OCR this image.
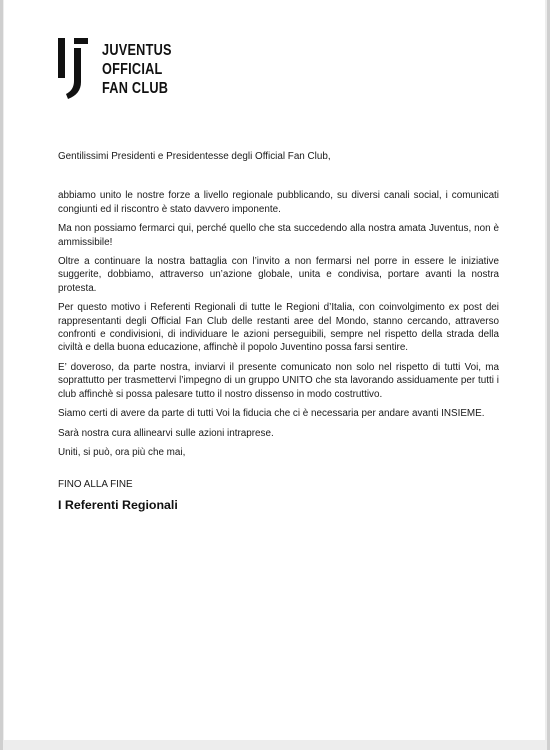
JUVENTUS
OFFICIAL
FAN CLUB

Gentilissimi Presidenti e Presidentesse degli Official Fan Club,

abbiamo unito le nostre forze a livello regionale pubblicando, su diversi canali social, i comunicati congiunti ed il riscontro è stato davvero imponente.

Ma non possiamo fermarci qui, perché quello che sta succedendo alla nostra amata Juventus, non è ammissibile!

Oltre a continuare la nostra battaglia con l’invito a non fermarsi nel porre in essere le iniziative suggerite, dobbiamo, attraverso un’azione globale, unita e condivisa, portare avanti la nostra protesta.

Per questo motivo i Referenti Regionali di tutte le Regioni d’Italia, con coinvolgimento ex post dei rappresentanti degli Official Fan Club delle restanti aree del Mondo, stanno cercando, attraverso confronti e condivisioni, di individuare le azioni perseguibili, sempre nel rispetto della strada della civiltà e della buona educazione, affinchè il popolo Juventino possa farsi sentire.

E’ doveroso, da parte nostra, inviarvi il presente comunicato non solo nel rispetto di tutti Voi, ma soprattutto per trasmettervi l’impegno di un gruppo UNITO che sta lavorando assiduamente per tutti i club affinchè si possa palesare tutto il nostro dissenso in modo costruttivo.

Siamo certi di avere da parte di tutti Voi la fiducia che ci è necessaria per andare avanti INSIEME.

Sarà nostra cura allinearvi sulle azioni intraprese.

Uniti, si può, ora più che mai,

FINO ALLA FINE

I Referenti Regionali
